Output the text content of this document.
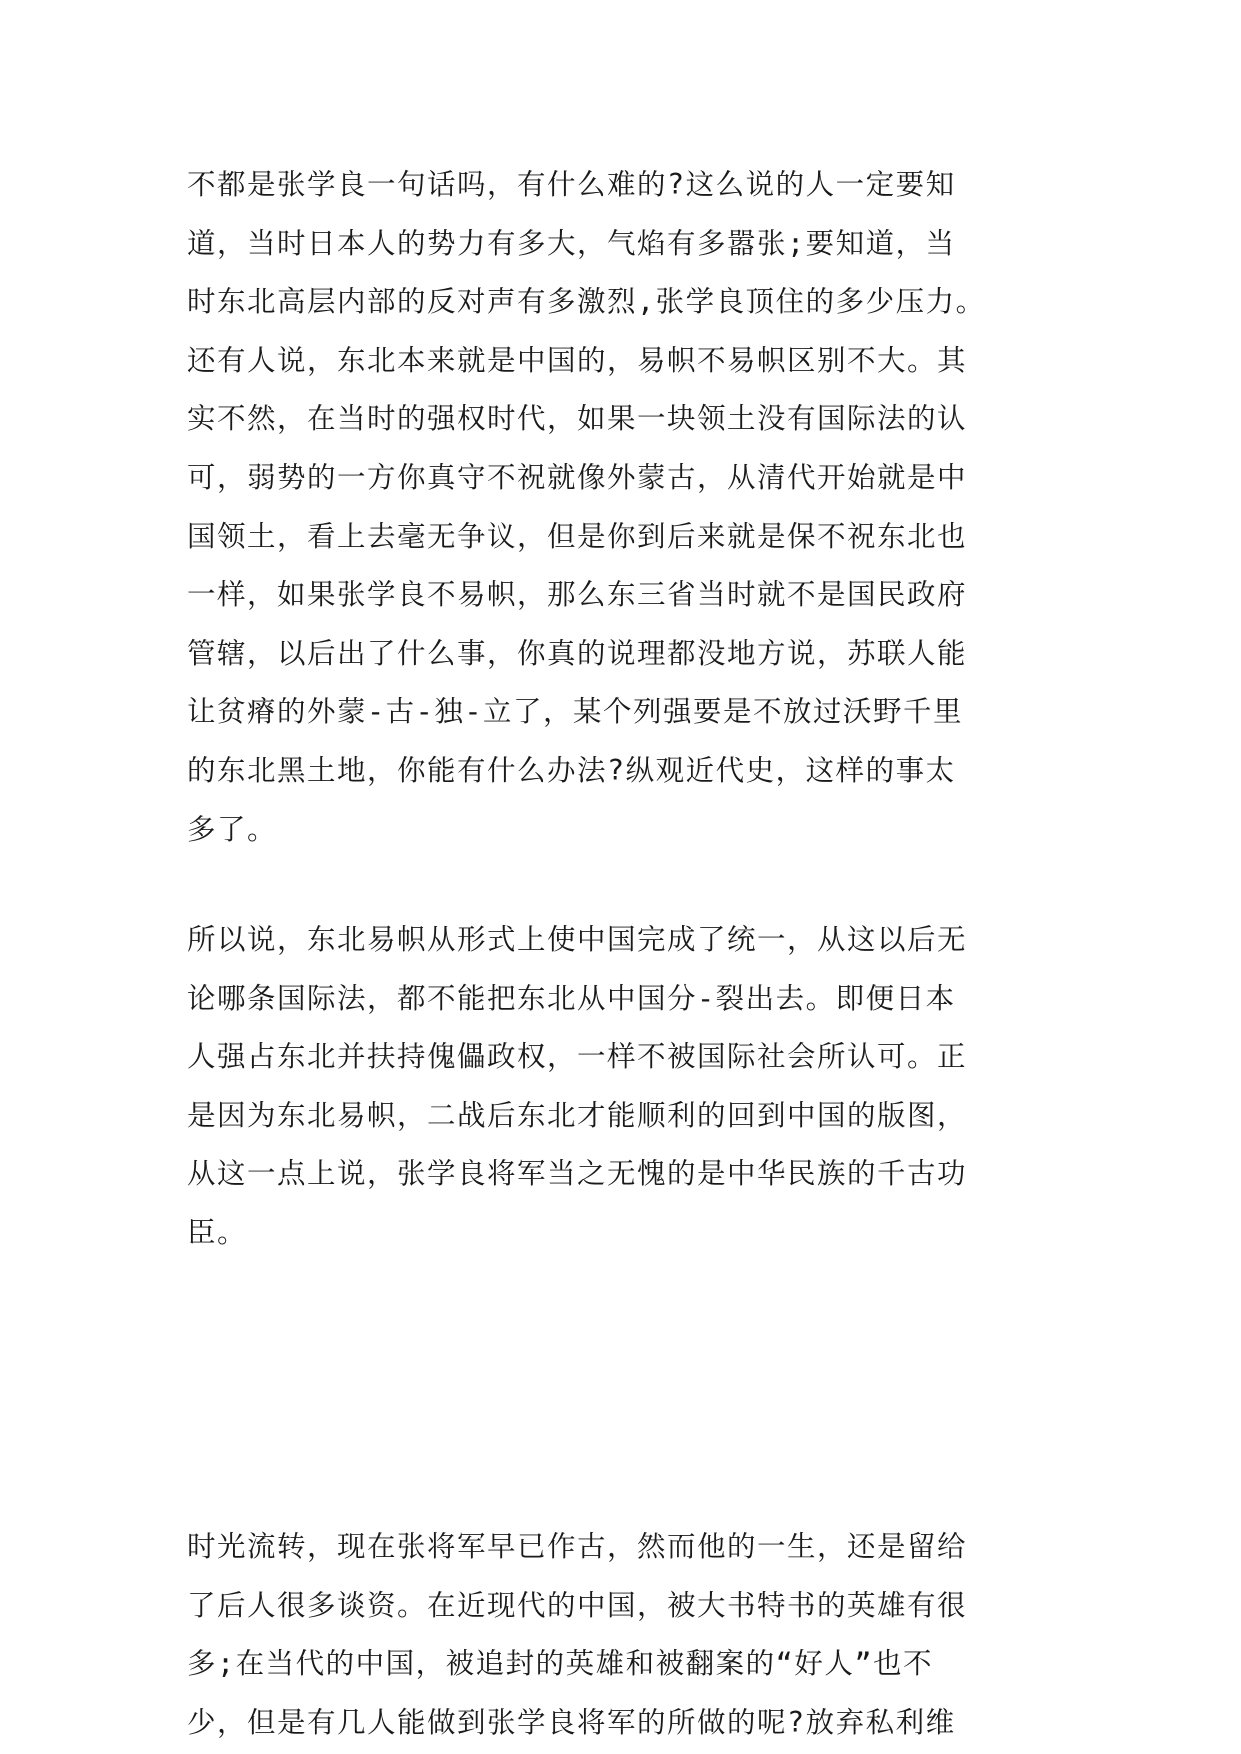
不都是张学良一句话吗，有什么难的?这么说的人一定要知
道，当时日本人的势力有多大，气焰有多嚣张;要知道，当
时东北高层内部的反对声有多激烈,张学良顶住的多少压力。
还有人说，东北本来就是中国的，易帜不易帜区别不大。其
实不然，在当时的强权时代，如果一块领土没有国际法的认
可，弱势的一方你真守不祝就像外蒙古，从清代开始就是中
国领土，看上去毫无争议，但是你到后来就是保不祝东北也
一样，如果张学良不易帜，那么东三省当时就不是国民政府
管辖，以后出了什么事，你真的说理都没地方说，苏联人能
让贫瘠的外蒙-古-独-立了，某个列强要是不放过沃野千里
的东北黑土地，你能有什么办法?纵观近代史，这样的事太
多了。
所以说，东北易帜从形式上使中国完成了统一，从这以后无
论哪条国际法，都不能把东北从中国分-裂出去。即便日本
人强占东北并扶持傀儡政权，一样不被国际社会所认可。正
是因为东北易帜，二战后东北才能顺利的回到中国的版图，
从这一点上说，张学良将军当之无愧的是中华民族的千古功
臣。
时光流转，现在张将军早已作古，然而他的一生，还是留给
了后人很多谈资。在近现代的中国，被大书特书的英雄有很
多;在当代的中国，被追封的英雄和被翻案的“好人”也不
少，但是有几人能做到张学良将军的所做的呢?放弃私利维
